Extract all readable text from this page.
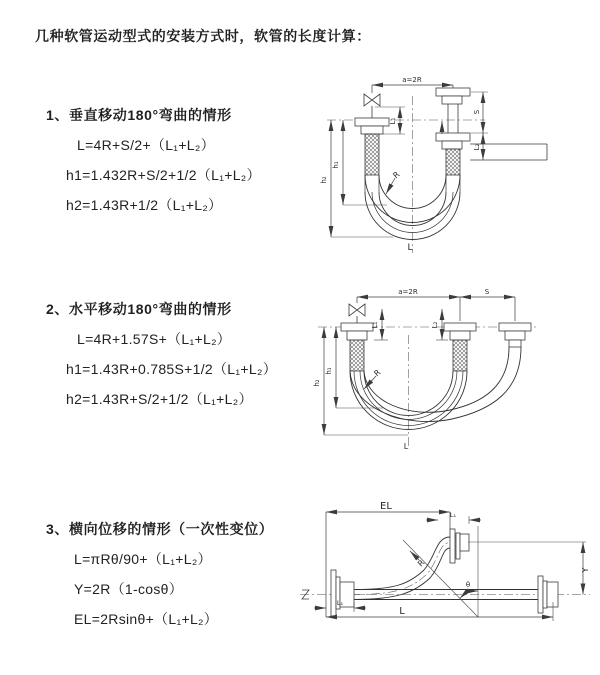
几种软管运动型式的安装方式时，软管的长度计算：
1、垂直移动180°弯曲的情形
L=4R+S/2+（L₁+L₂）
h1=1.432R+S/2+1/2（L₁+L₂）
h2=1.43R+1/2（L₁+L₂）
2、水平移动180°弯曲的情形
L=4R+1.57S+（L₁+L₂）
h1=1.43R+0.785S+1/2（L₁+L₂）
h2=1.43R+S/2+1/2（L₁+L₂）
3、横向位移的情形（一次性变位）
L=πRθ/90+（L₁+L₂）
Y=2R（1-cosθ）
EL=2Rsinθ+（L₁+L₂）
a=2R
h₂
h₁
L₁
S
L₂
R
L
a=2R	S
h₂
h₁
L₁	L₂
R
L
θ
R
EL
L₁
Y
L
L₁
